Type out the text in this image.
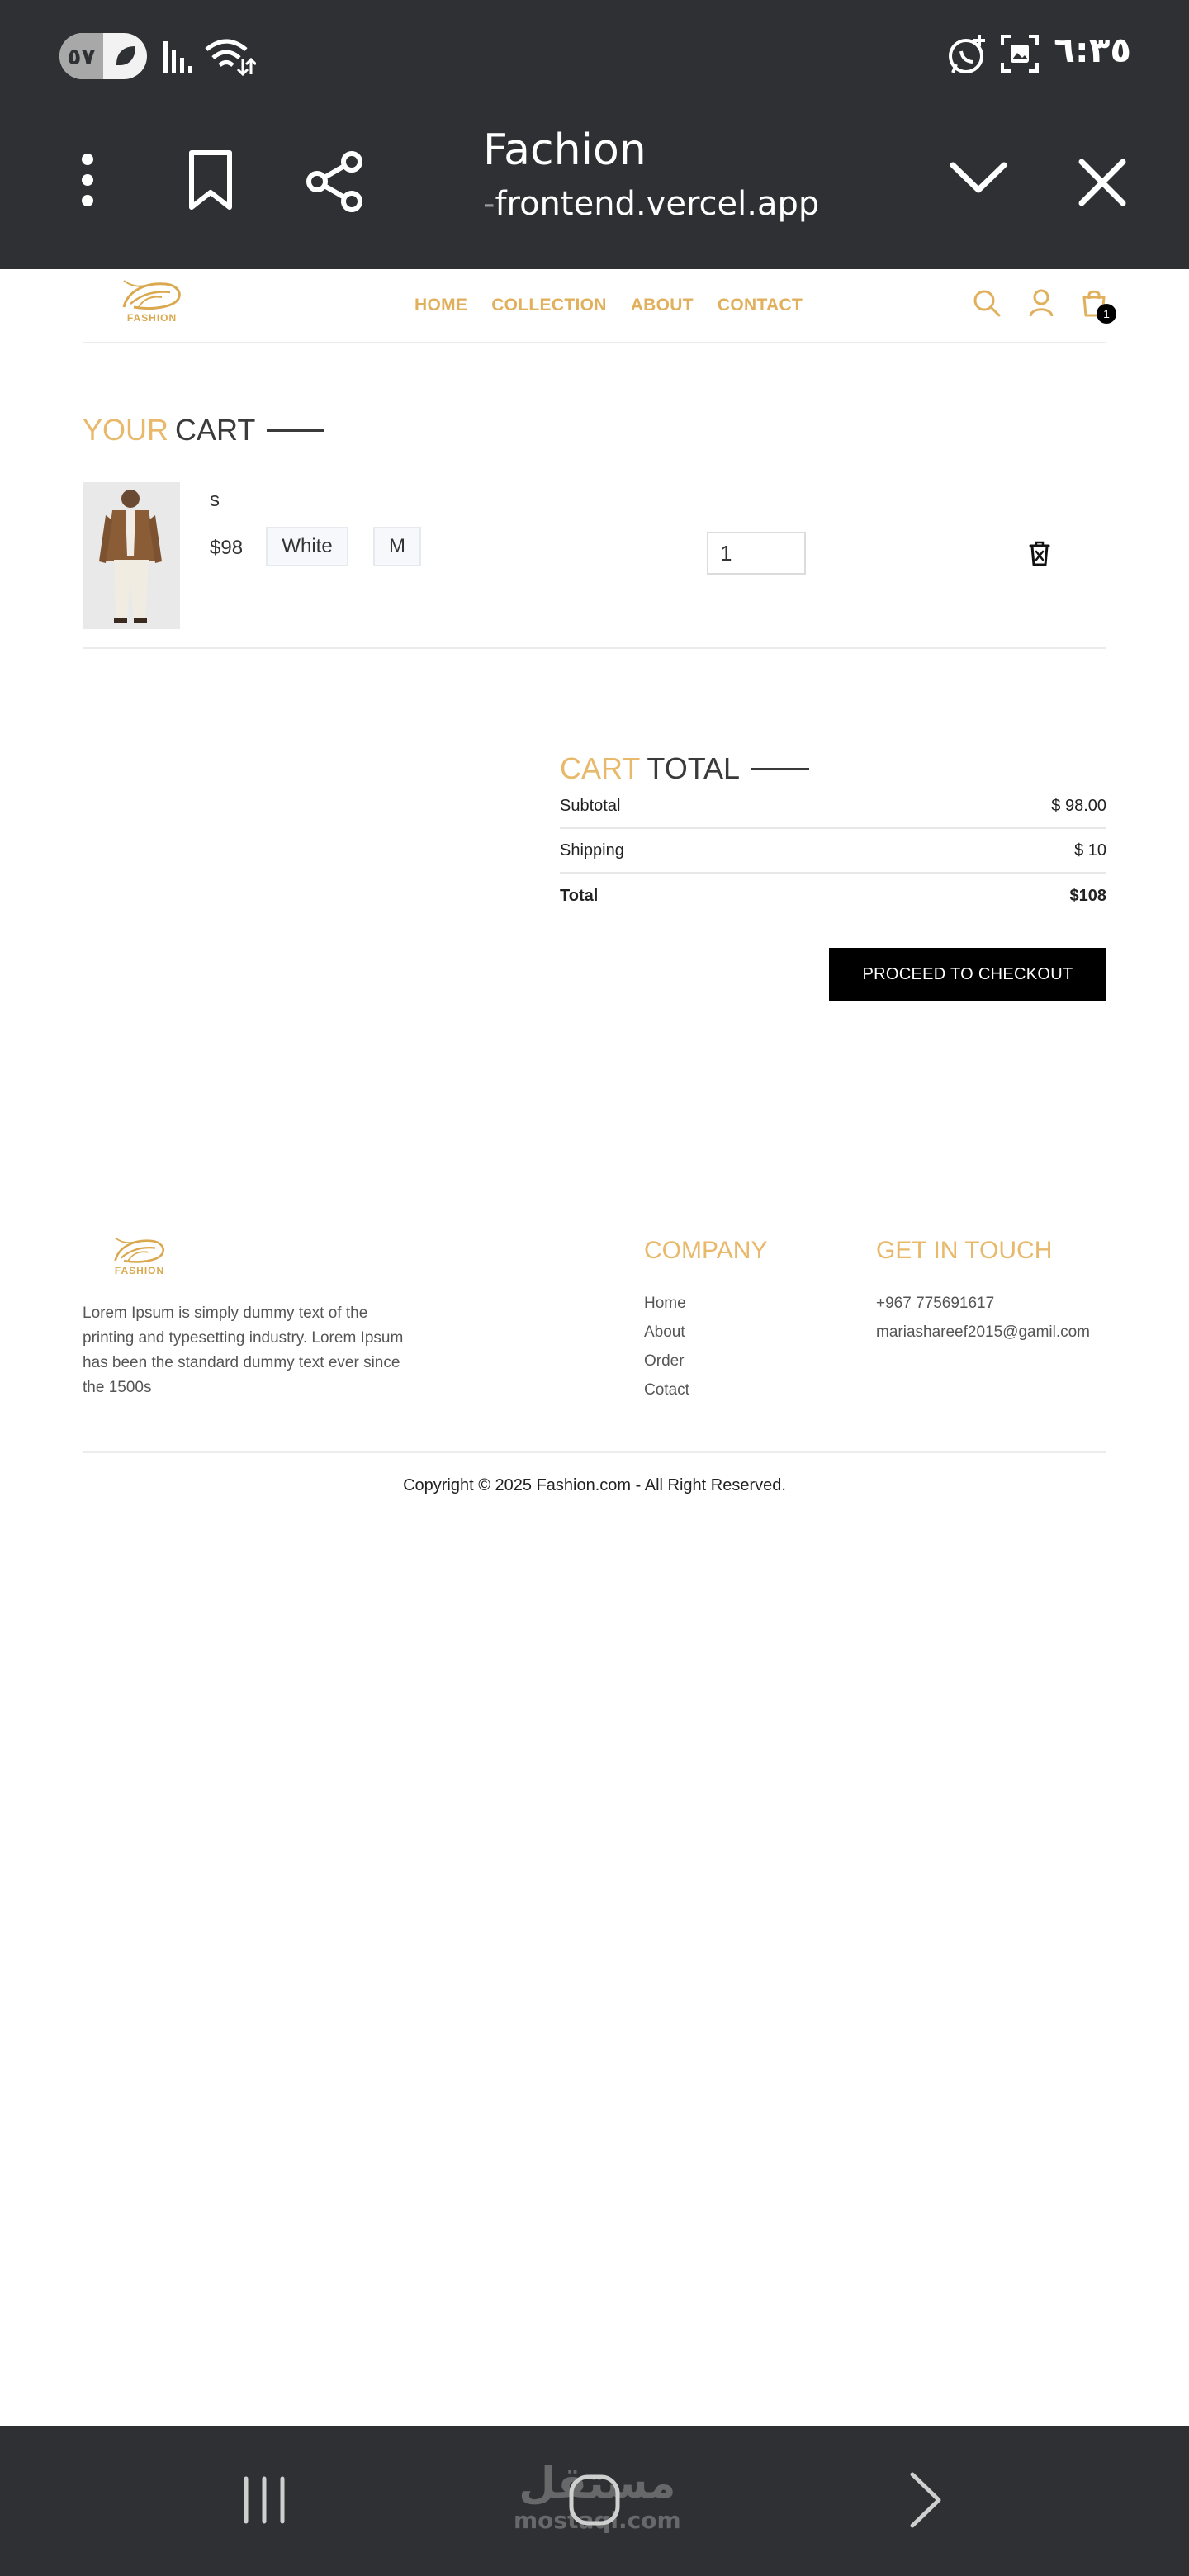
٥٧	٦:٣٥
Fachion
-frontend.vercel.app
FASHION
HOME COLLECTION ABOUT CONTACT	1
YOUR CART
s
$98	White	M
1
CART TOTAL
Subtotal	$ 98.00
Shipping	$ 10
Total	$108
PROCEED TO CHECKOUT
FASHION

Lorem Ipsum is simply dummy text of the printing and typesetting industry. Lorem Ipsum has been the standard dummy text ever since the 1500s

COMPANY
Home
About
Order
Cotact
GET IN TOUCH
+967 775691617
mariashareef2015@gamil.com
Copyright © 2025 Fashion.com - All Right Reserved.
مستقل
mostaql.com
